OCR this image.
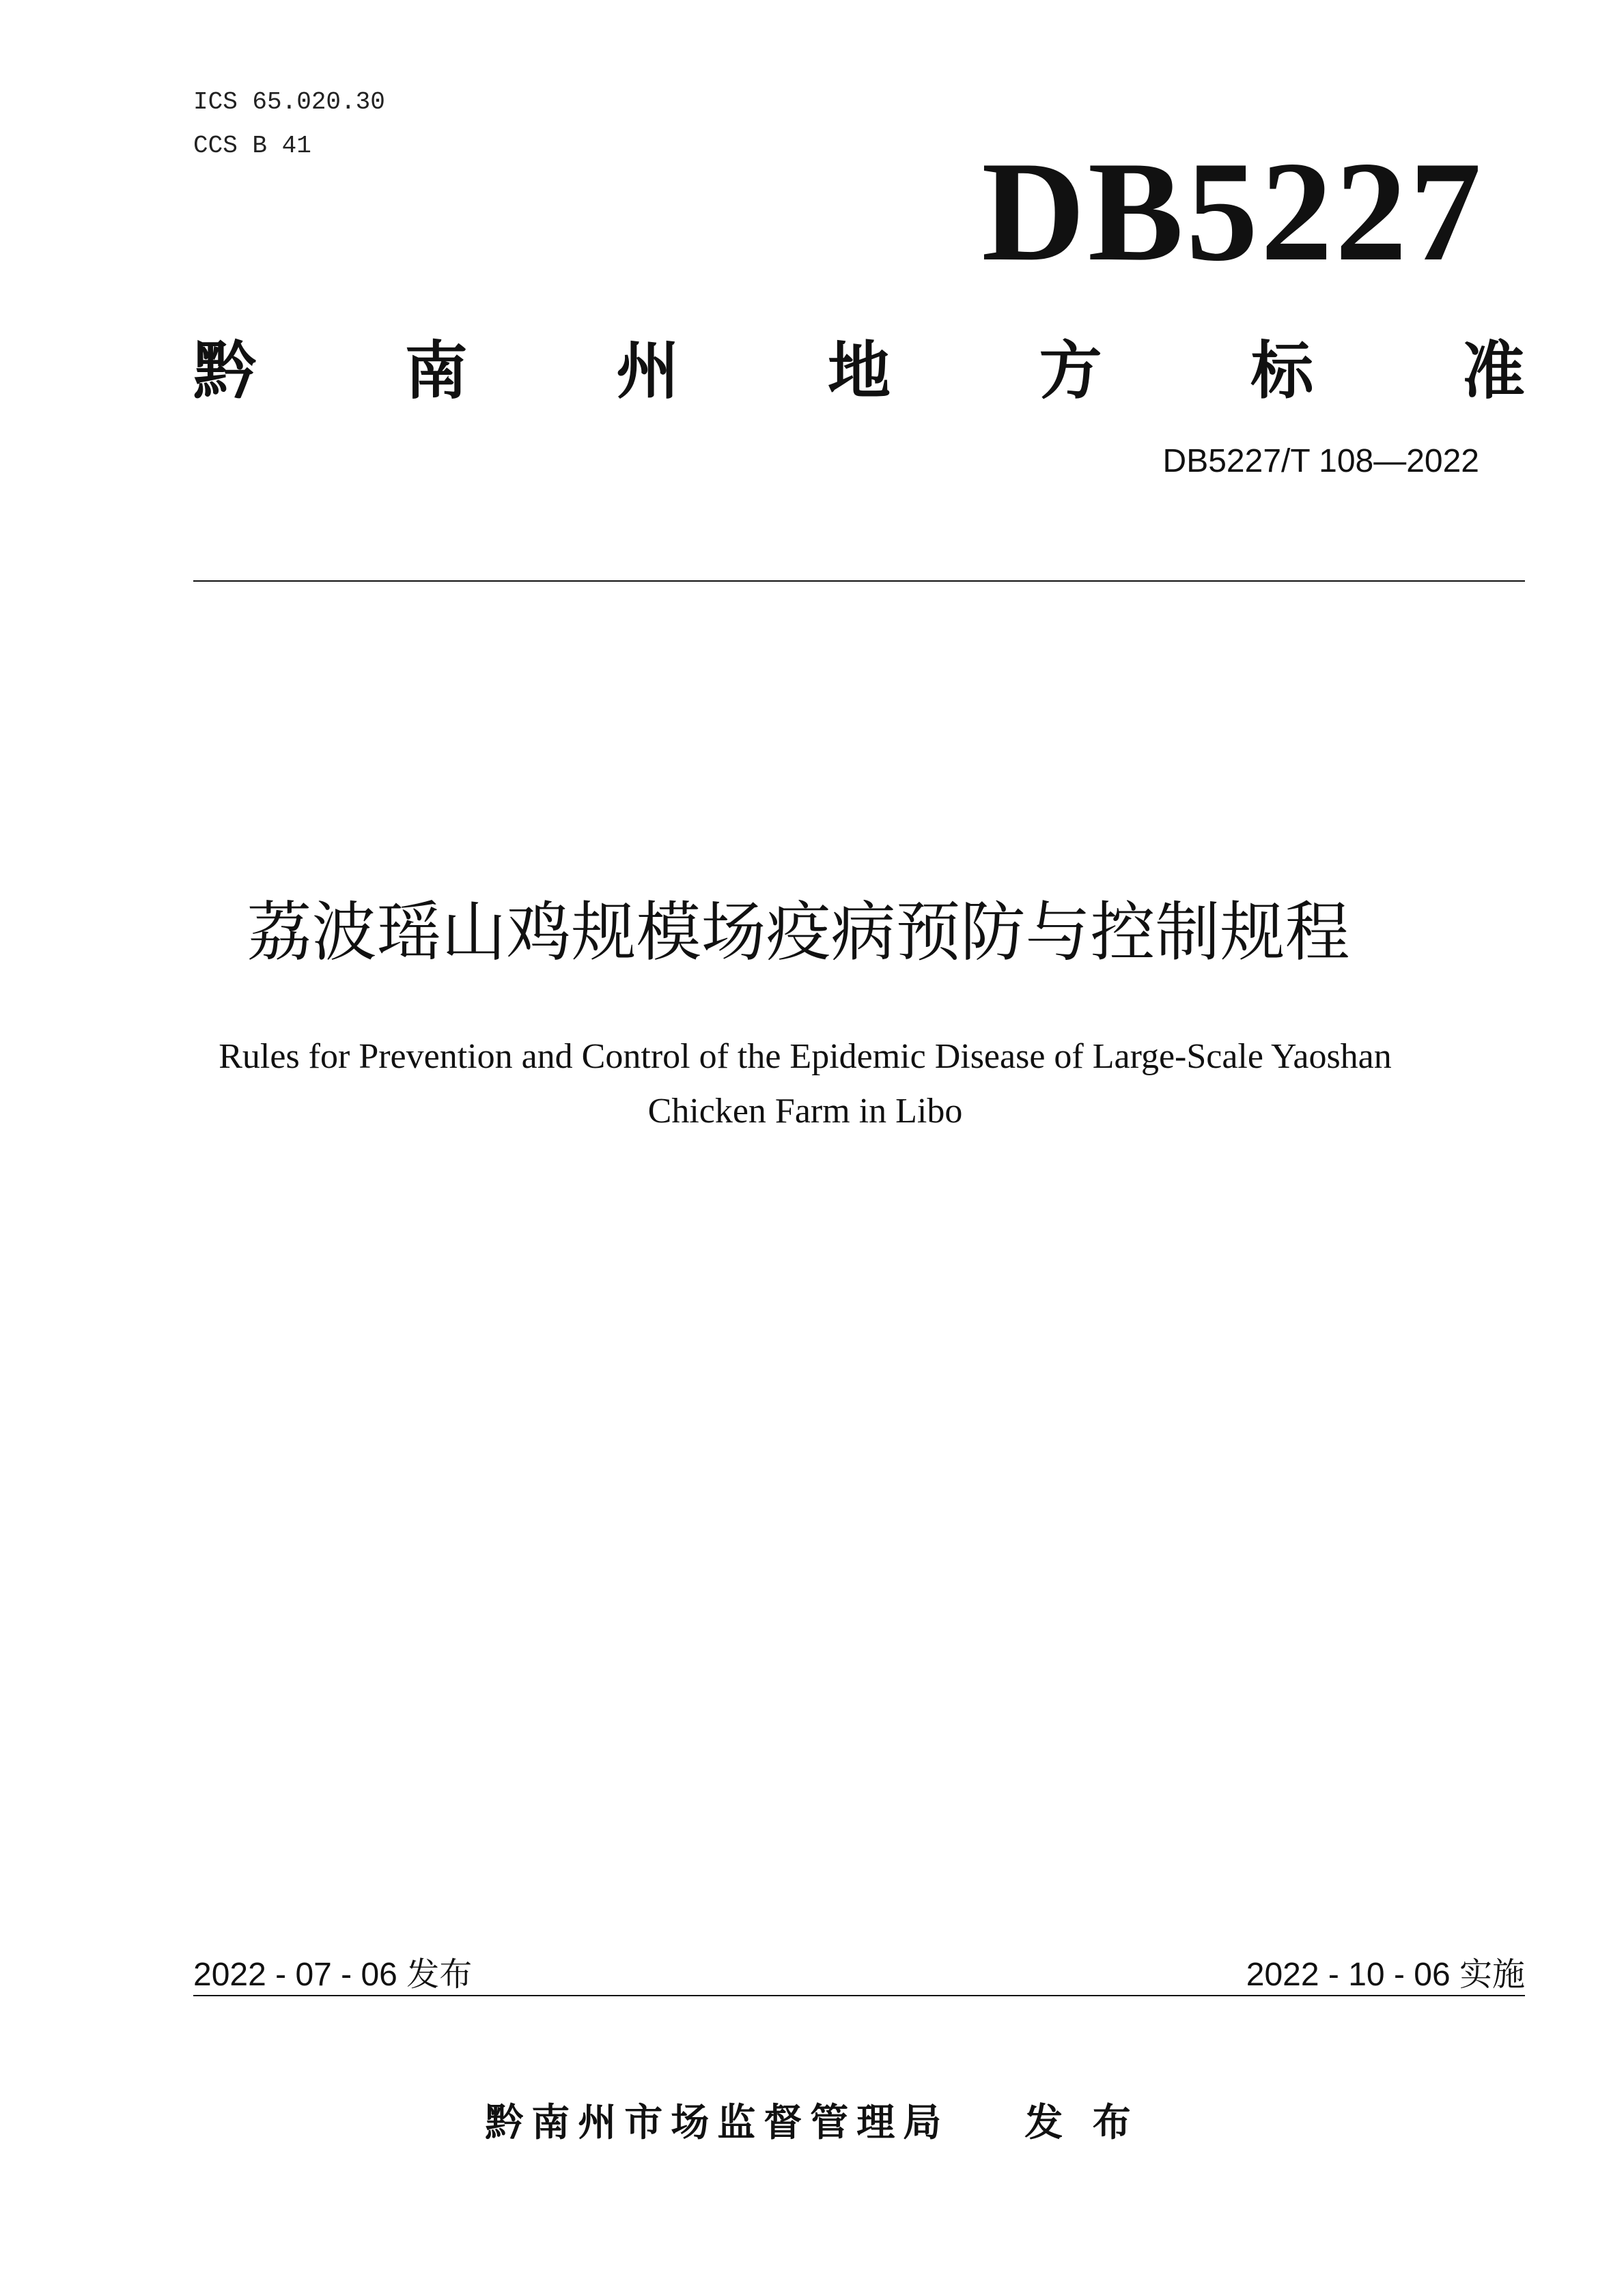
ICS 65.020.30
CCS B 41	DB5227
黔 南 州 地 方 标 准
DB5227/T 108—2022
荔波瑶山鸡规模场疫病预防与控制规程
Rules for Prevention and Control of the Epidemic Disease of Large-Scale Yaoshan
Chicken Farm in Libo
2022 - 07 - 06 发布	2022 - 10 - 06 实施
黔南州市场监督管理局 发 布
